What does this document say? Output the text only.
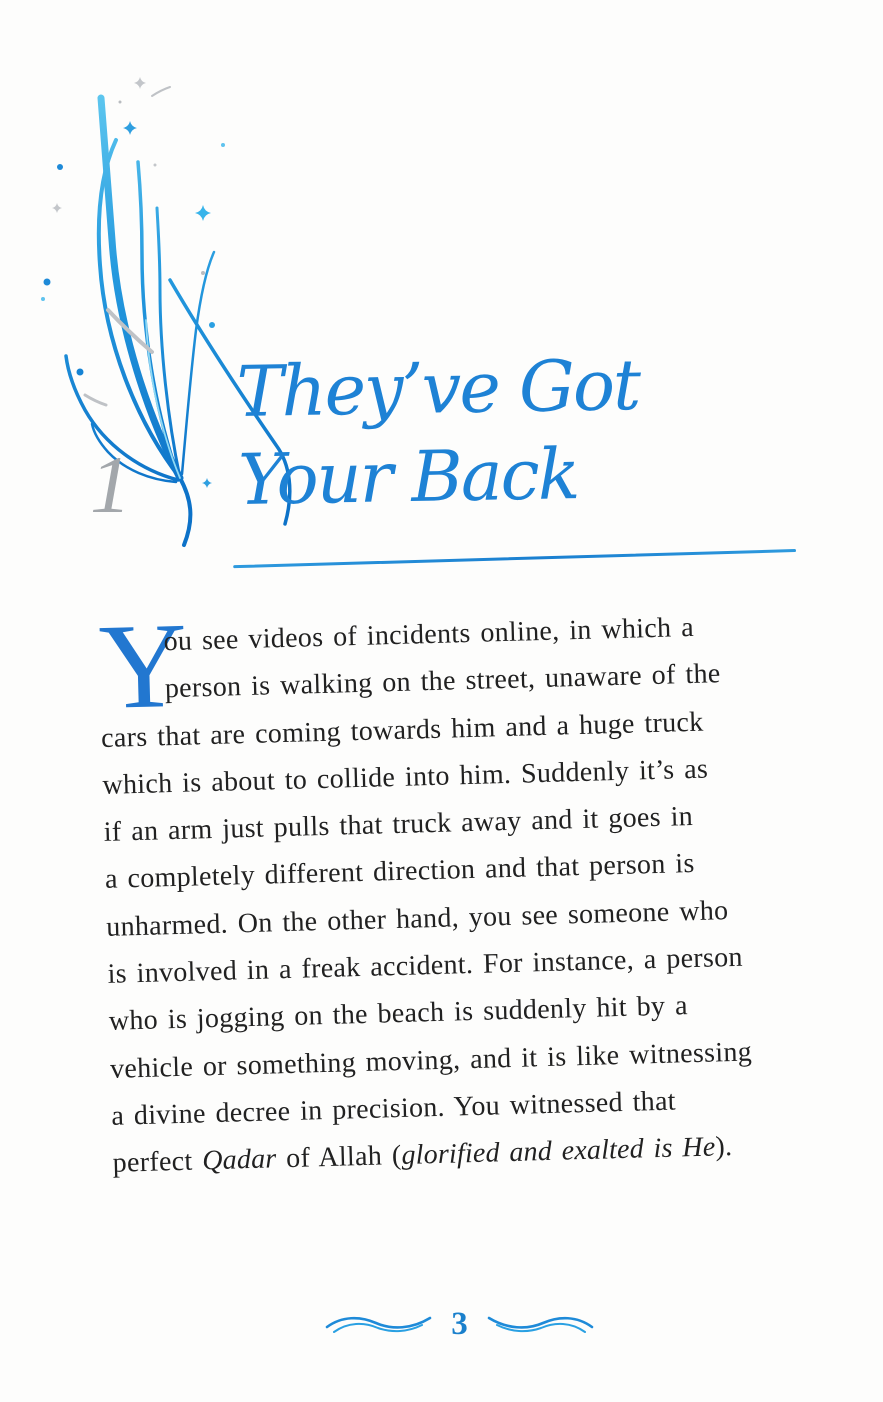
1
They’ve Got
Your Back
Y
ou see videos of incidents online, in which a
person is walking on the street, unaware of the
cars that are coming towards him and a huge truck
which is about to collide into him. Suddenly it’s as
if an arm just pulls that truck away and it goes in
a completely different direction and that person is
unharmed. On the other hand, you see someone who
is involved in a freak accident. For instance, a person
who is jogging on the beach is suddenly hit by a
vehicle or something moving, and it is like witnessing
a divine decree in precision. You witnessed that
perfect Qadar of Allah (glorified and exalted is He).
3
